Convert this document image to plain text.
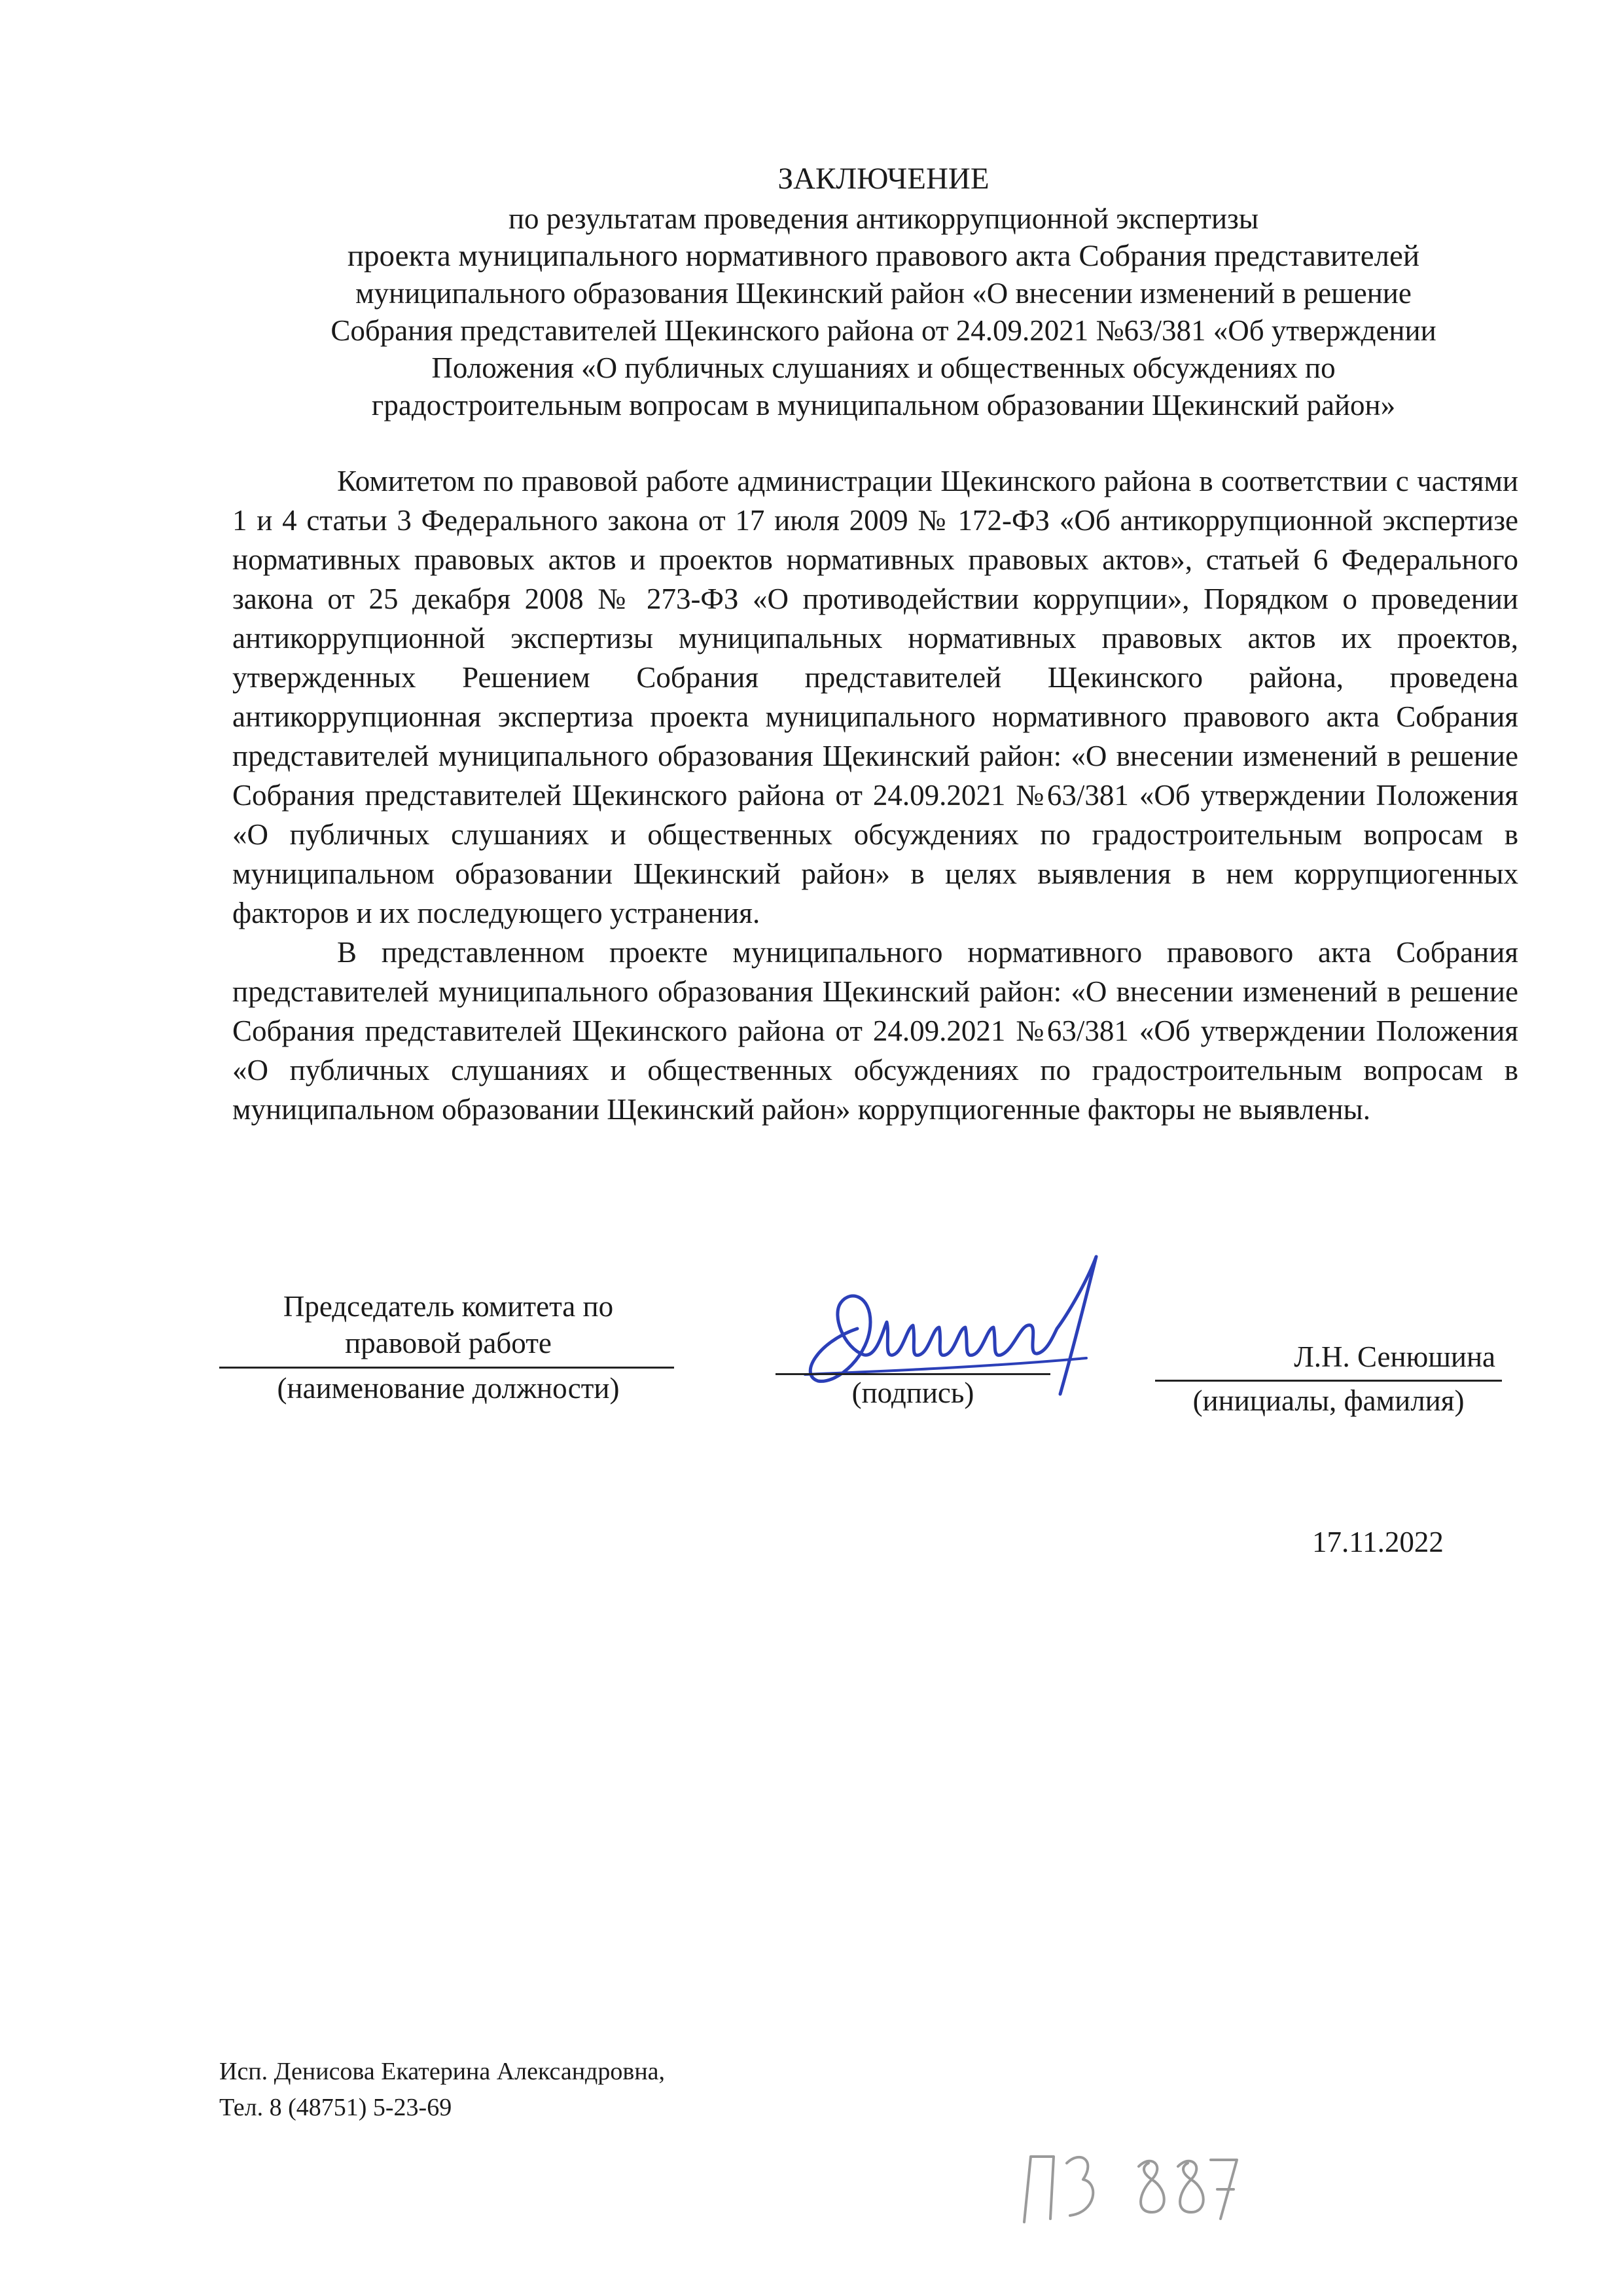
ЗАКЛЮЧЕНИЕ
по результатам проведения антикоррупционной экспертизы
проекта муниципального нормативного правового акта Собрания представителей
муниципального образования Щекинский район «О внесении изменений в решение
Собрания представителей Щекинского района от 24.09.2021 №63/381 «Об утверждении
Положения «О публичных слушаниях и общественных обсуждениях по
градостроительным вопросам в муниципальном образовании Щекинский район»

Комитетом по правовой работе администрации Щекинского района в соответствии с частями 1 и 4 статьи 3 Федерального закона от 17 июля 2009 № 172-ФЗ «Об антикоррупционной экспертизе нормативных правовых актов и проектов нормативных правовых актов», статьей 6 Федерального закона от 25 декабря 2008 № 273-ФЗ «О противодействии коррупции», Порядком о проведении антикоррупционной экспертизы муниципальных нормативных правовых актов их проектов, утвержденных Решением Собрания представителей Щекинского района, проведена антикоррупционная экспертиза проекта муниципального нормативного правового акта Собрания представителей муниципального образования Щекинский район: «О внесении изменений в решение Собрания представителей Щекинского района от 24.09.2021 №63/381 «Об утверждении Положения «О публичных слушаниях и общественных обсуждениях по градостроительным вопросам в муниципальном образовании Щекинский район» в целях выявления в нем коррупциогенных факторов и их последующего устранения.

В представленном проекте муниципального нормативного правового акта Собрания представителей муниципального образования Щекинский район: «О внесении изменений в решение Собрания представителей Щекинского района от 24.09.2021 №63/381 «Об утверждении Положения «О публичных слушаниях и общественных обсуждениях по градостроительным вопросам в муниципальном образовании Щекинский район» коррупциогенные факторы не выявлены.

Председатель комитета по
правовой работе
(наименование должности)	(подпись)
Л.Н. Сенюшина
(инициалы, фамилия)
17.11.2022
Исп. Денисова Екатерина Александровна,
Тел. 8 (48751) 5-23-69
